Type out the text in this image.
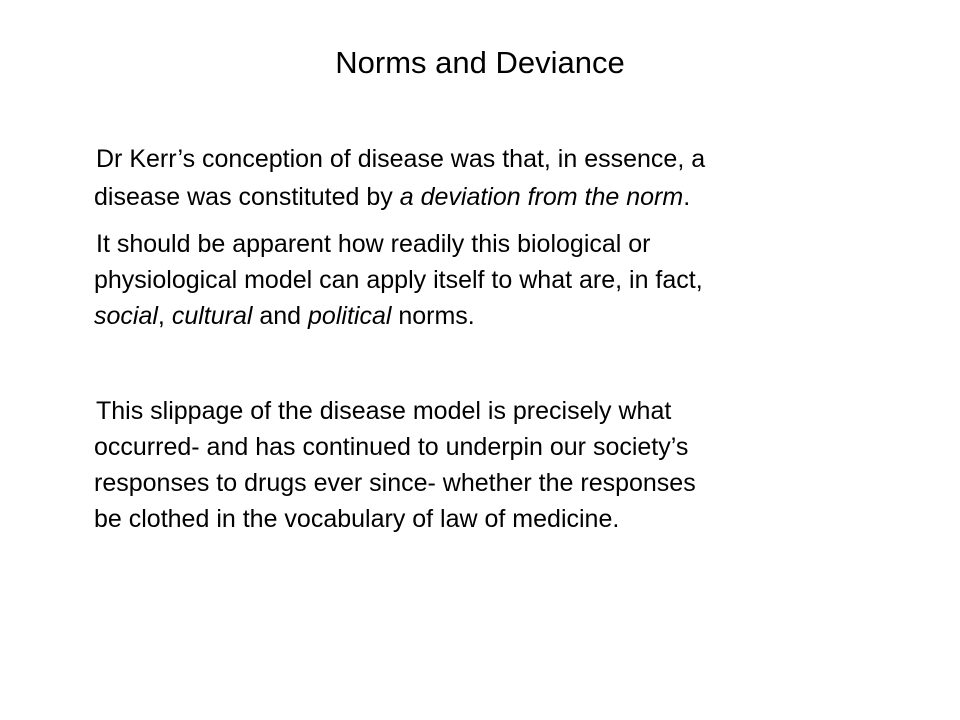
Norms and Deviance
Dr Kerr’s conception of disease was that, in essence, a
disease was constituted by a deviation from the norm.
It should be apparent how readily this biological or
physiological model can apply itself to what are, in fact,
social, cultural and political norms.
This slippage of the disease model is precisely what
occurred- and has continued to underpin our society’s
responses to drugs ever since- whether the responses
be clothed in the vocabulary of law of medicine.
